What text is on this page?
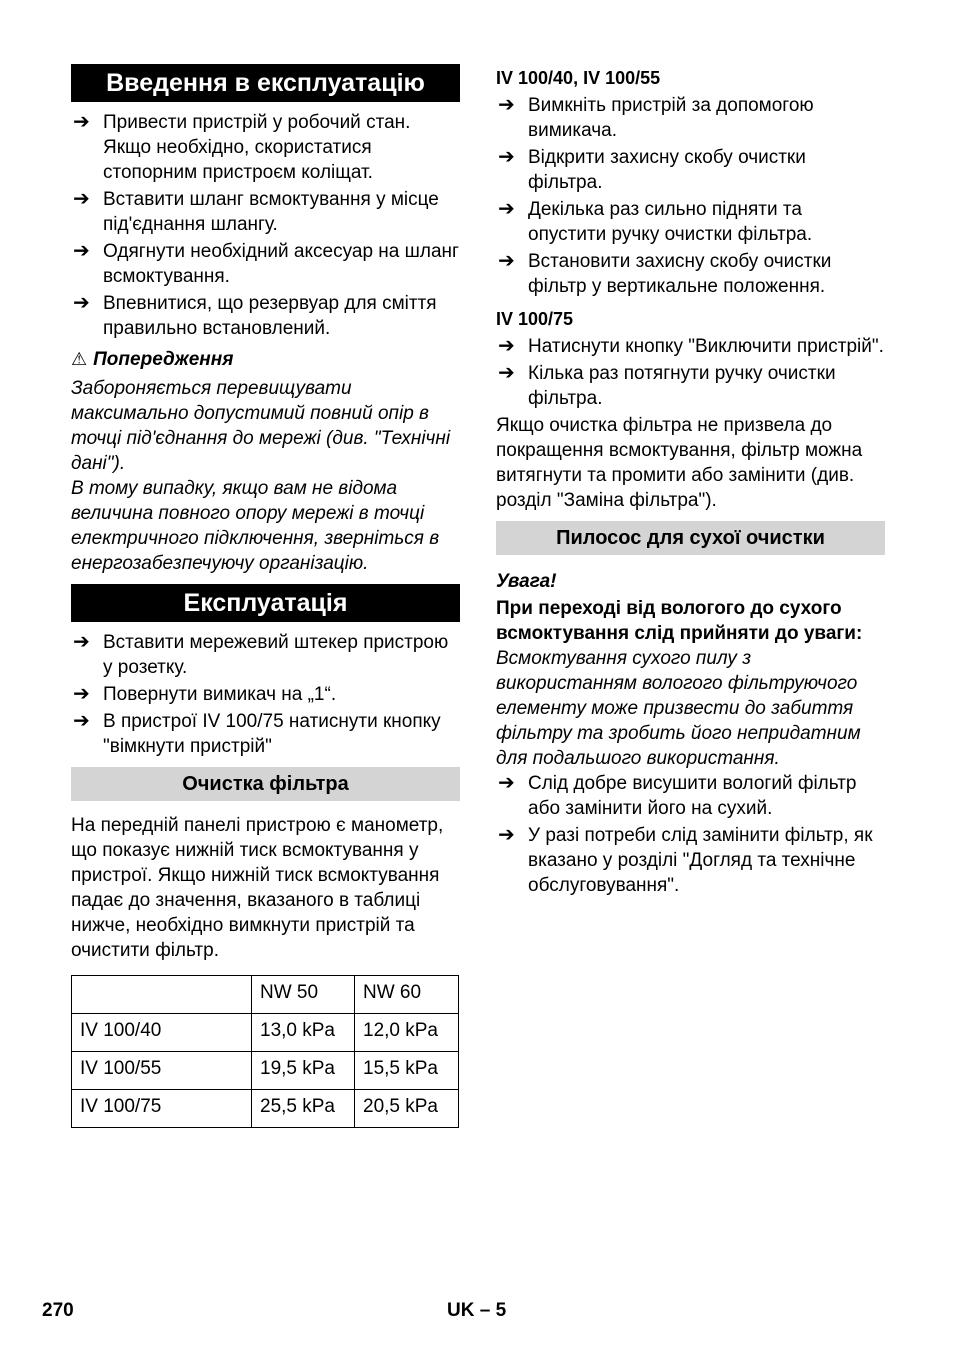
Введення в експлуатацію
➔ Привести пристрій у робочий стан. Якщо необхідно, скористатися стопорним пристроєм коліщат.
➔ Вставити шланг всмоктування у місце під'єднання шлангу.
➔ Одягнути необхідний аксесуар на шланг всмоктування.
➔ Впевнитися, що резервуар для сміття правильно встановлений.
⚠ Попередження

Забороняється перевищувати максимально допустимий повний опір в точці під'єднання до мережі (див. "Технічні дані").

В тому випадку, якщо вам не відома величина повного опору мережі в точці електричного підключення, зверніться в енергозабезпечуючу організацію.

Експлуатація
➔ Вставити мережевий штекер пристрою у розетку.
➔ Повернути вимикач на „1“.
➔ В пристрої IV 100/75 натиснути кнопку "вімкнути пристрій"
Очистка фільтра

На передній панелі пристрою є манометр, що показує нижній тиск всмоктування у пристрої. Якщо нижній тиск всмоктування падає до значення, вказаного в таблиці нижче, необхідно вимкнути пристрій та очистити фільтр.

	NW 50	NW 60
IV 100/40	13,0 kPa	12,0 kPa
IV 100/55	19,5 kPa	15,5 kPa
IV 100/75	25,5 kPa	20,5 kPa
IV 100/40, IV 100/55
➔ Вимкніть пристрій за допомогою вимикача.
➔ Відкрити захисну скобу очистки фільтра.
➔ Декілька раз сильно підняти та опустити ручку очистки фільтра.
➔ Встановити захисну скобу очистки фільтр у вертикальне положення.
IV 100/75
➔ Натиснути кнопку "Виключити пристрій".
➔ Кілька раз потягнути ручку очистки фільтра.

Якщо очистка фільтра не призвела до покращення всмоктування, фільтр можна витягнути та промити або замінити (див. розділ "Заміна фільтра").

Пилосос для сухої очистки

Увага!

При переході від вологого до сухого всмоктування слід прийняти до уваги:

Всмоктування сухого пилу з використанням вологого фільтруючого елементу може призвести до забиття фільтру та зробить його непридатним для подальшого використання.

➔ Слід добре висушити вологий фільтр або замінити його на сухий.
➔ У разі потреби слід замінити фільтр, як вказано у розділі "Догляд та технічне обслуговування".
270	UK – 5
